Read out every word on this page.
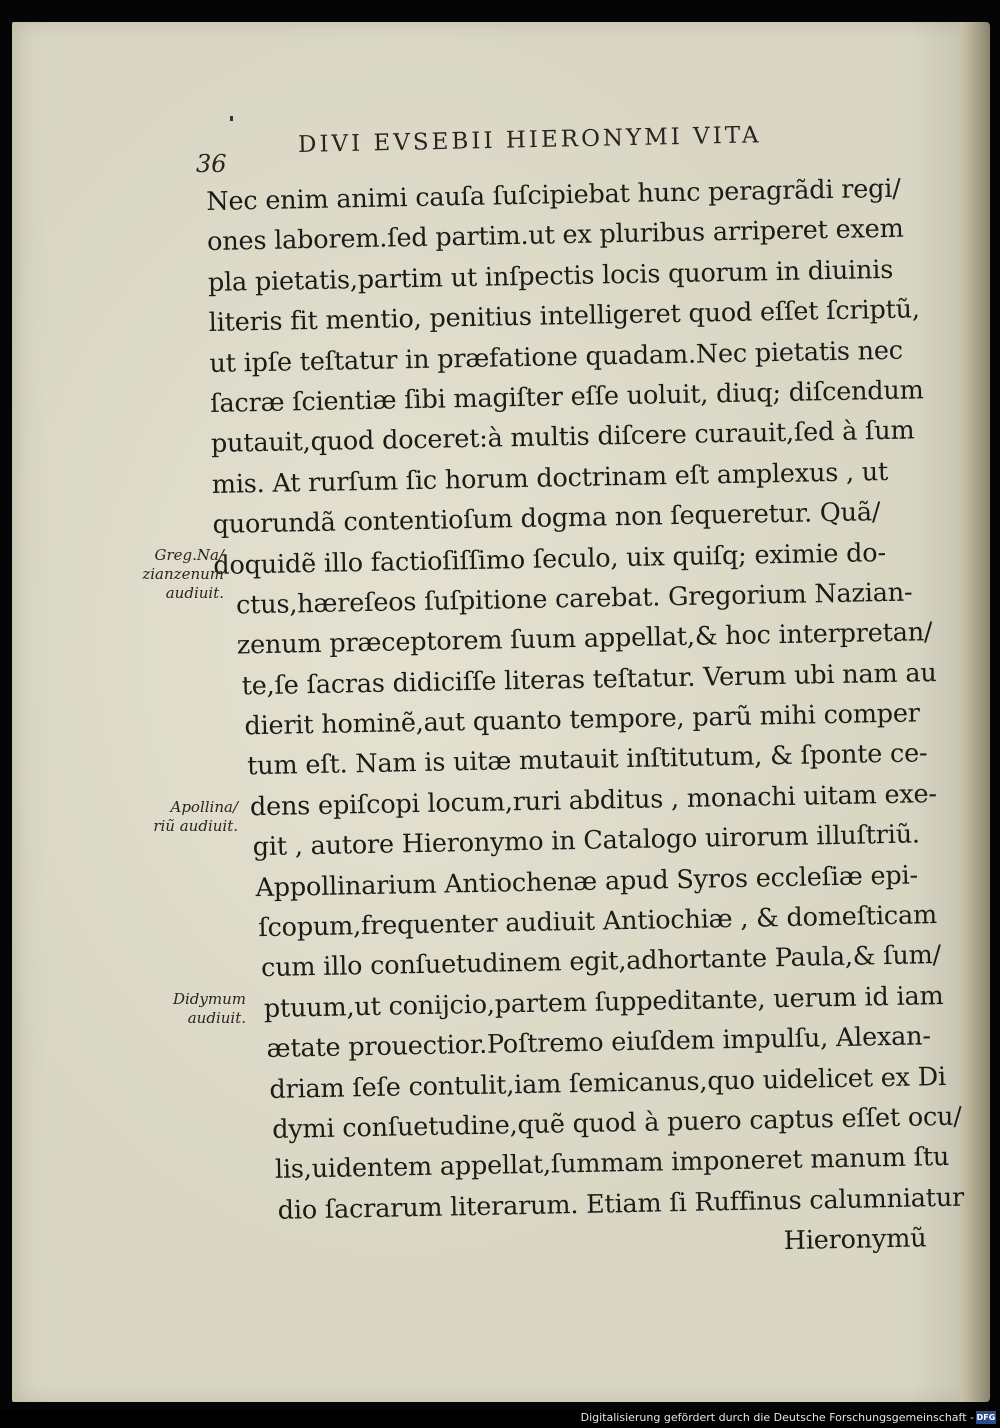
36
DIVI EVSEBII HIERONYMI VITA
Nec enim animi cauſa ſuſcipiebat hunc peragrãdi regi/
ones laborem.ſed partim.ut ex pluribus arriperet exem
pla pietatis,partim ut inſpectis locis quorum in diuinis
literis fit mentio, penitius intelligeret quod eſſet ſcriptũ,
ut ipſe teſtatur in præfatione quadam.Nec pietatis nec
ſacræ ſcientiæ ſibi magiſter eſſe uoluit, diuq; diſcendum
putauit,quod doceret:à multis diſcere curauit,ſed à ſum
mis. At rurſum ſic horum doctrinam eſt amplexus , ut
quorundã contentioſum dogma non ſequeretur. Quã/
doquidẽ illo factioſiſſimo ſeculo, uix quiſq; eximie do-
ctus,hæreſeos ſuſpitione carebat. Gregorium Nazian-
zenum præceptorem ſuum appellat,& hoc interpretan/
te,ſe ſacras didiciſſe literas teſtatur. Verum ubi nam au
dierit hominẽ,aut quanto tempore, parũ mihi comper
tum eſt. Nam is uitæ mutauit inſtitutum, & ſponte ce-
dens epiſcopi locum,ruri abditus , monachi uitam exe-
git , autore Hieronymo in Catalogo uirorum illuſtriũ.
Appollinarium Antiochenæ apud Syros eccleſiæ epi-
ſcopum,frequenter audiuit Antiochiæ , & domeſticam
cum illo conſuetudinem egit,adhortante Paula,& ſum/
ptuum,ut conijcio,partem ſuppeditante, uerum id iam
ætate prouectior.Poſtremo eiuſdem impulſu, Alexan-
driam ſeſe contulit,iam ſemicanus,quo uidelicet ex Di
dymi conſuetudine,quẽ quod à puero captus eſſet ocu/
lis,uidentem appellat,ſummam imponeret manum ſtu
dio ſacrarum literarum. Etiam ſi Ruffinus calumniatur
Hieronymũ
Greg.Na/
zianzenum
audiuit.
Apollina/
riũ audiuit.
Didymum
audiuit.
Digitalisierung gefördert durch die Deutsche Forschungsgemeinschaft - DFG
